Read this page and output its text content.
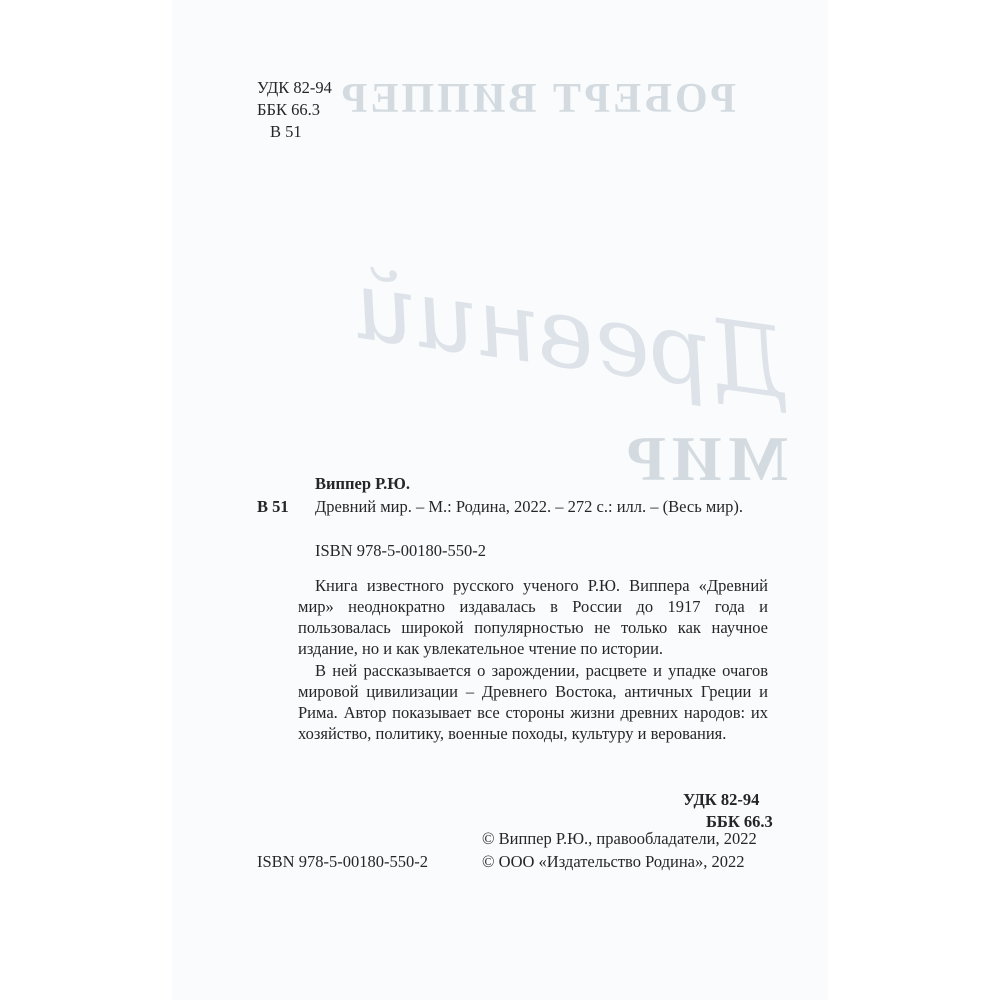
РОБЕРТ ВИППЕР
МИР
Древний
УДК 82-94
ББК 66.3
В 51
Виппер Р.Ю.
В 51 Древний мир. – М.: Родина, 2022. – 272 с.: илл. – (Весь мир).
ISBN 978-5-00180-550-2
Книга известного русского ученого Р.Ю. Виппера «Древний мир» неоднократно издавалась в России до 1917 года и пользовалась широкой популярностью не только как научное издание, но и как увлекательное чтение по истории.
В ней рассказывается о зарождении, расцвете и упадке очагов мировой цивилизации – Древнего Востока, античных Греции и Рима. Автор показывает все стороны жизни древних народов: их хозяйство, политику, военные походы, культуру и верования.
УДК 82-94
ББК 66.3
© Виппер Р.Ю., правообладатели, 2022
ISBN 978-5-00180-550-2	© ООО «Издательство Родина», 2022
